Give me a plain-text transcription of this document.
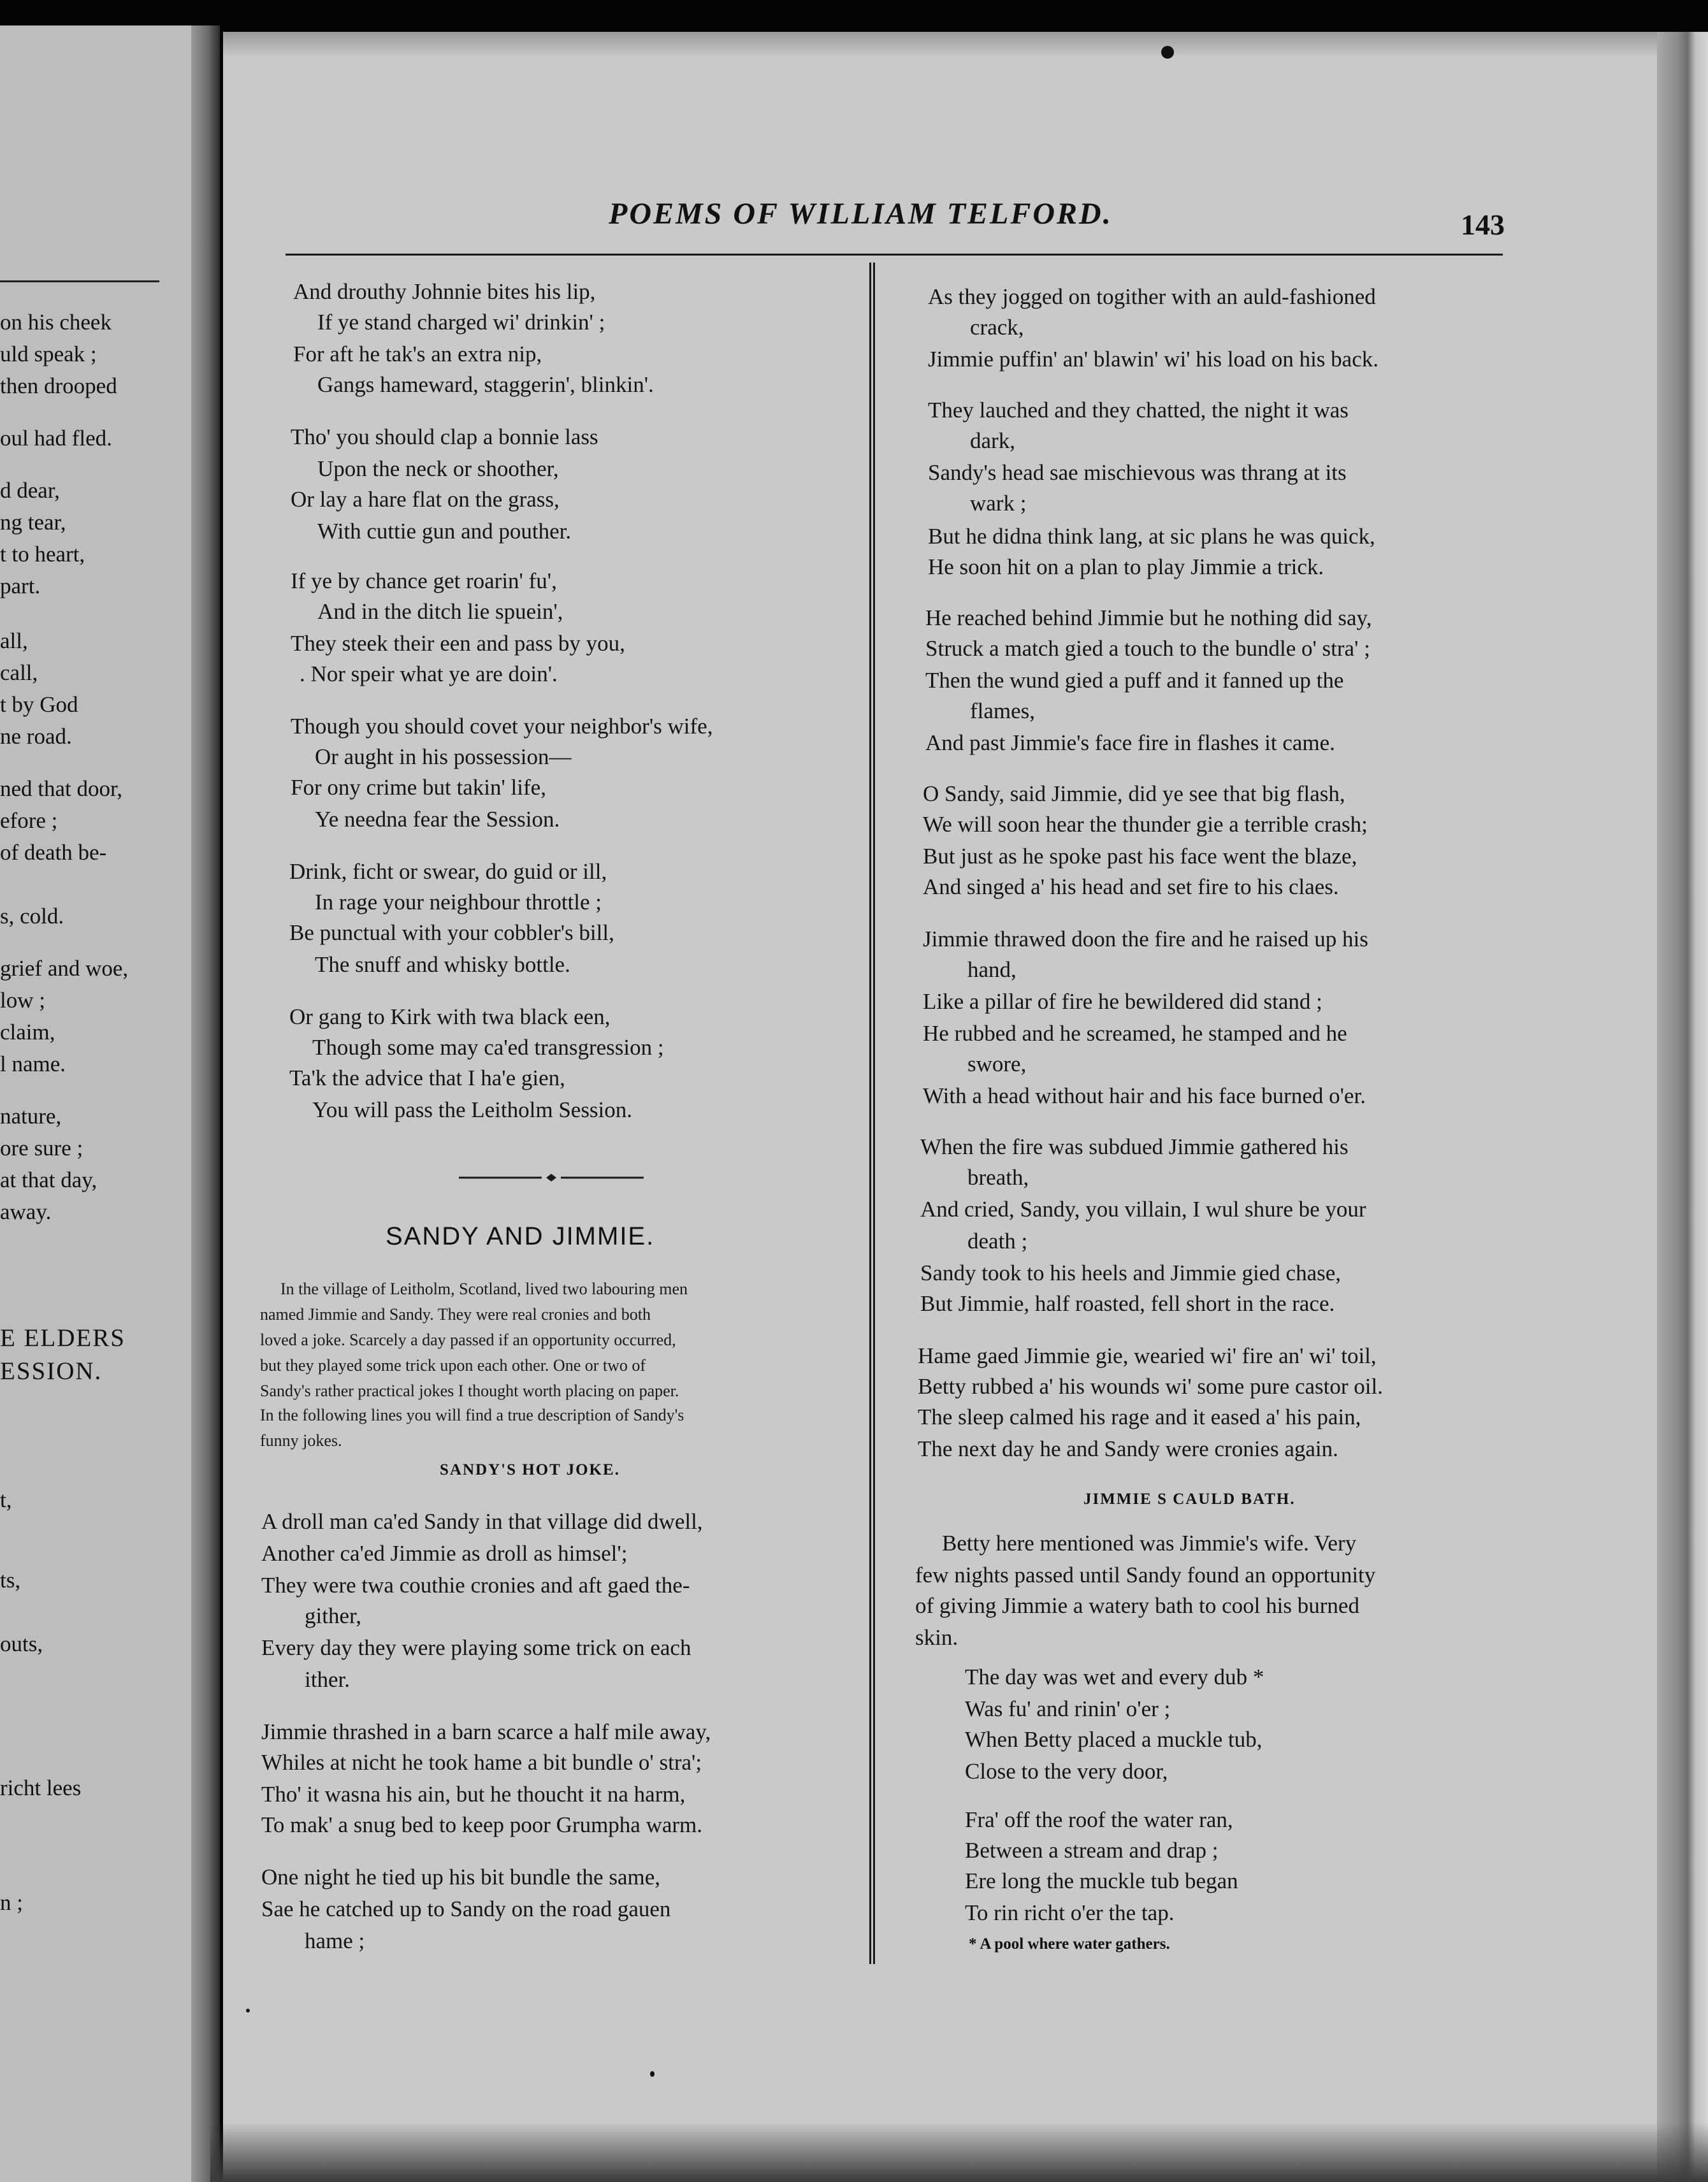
on his cheek
uld speak ;
then drooped
oul had fled.
d dear,
ng tear,
t to heart,
part.
all,
call,
t by God
ne road.
ned that door,
efore ;
of death be-
s, cold.
grief and woe,
low ;
claim,
l name.
nature,
ore sure ;
at that day,
away.
E ELDERS
ESSION.
t,
ts,
outs,
richt lees
n ;
POEMS OF WILLIAM TELFORD.	143
And drouthy Johnnie bites his lip,
If ye stand charged wi' drinkin' ;
For aft he tak's an extra nip,
Gangs hameward, staggerin', blinkin'.
Tho' you should clap a bonnie lass
Upon the neck or shoother,
Or lay a hare flat on the grass,
With cuttie gun and pouther.
If ye by chance get roarin' fu',
And in the ditch lie spuein',
They steek their een and pass by you,
. Nor speir what ye are doin'.
Though you should covet your neighbor's wife,
Or aught in his possession—
For ony crime but takin' life,
Ye needna fear the Session.
Drink, ficht or swear, do guid or ill,
In rage your neighbour throttle ;
Be punctual with your cobbler's bill,
The snuff and whisky bottle.
Or gang to Kirk with twa black een,
Though some may ca'ed transgression ;
Ta'k the advice that I ha'e gien,
You will pass the Leitholm Session.
SANDY AND JIMMIE.
In the village of Leitholm, Scotland, lived two labouring men
named Jimmie and Sandy. They were real cronies and both
loved a joke. Scarcely a day passed if an opportunity occurred,
but they played some trick upon each other. One or two of
Sandy's rather practical jokes I thought worth placing on paper.
In the following lines you will find a true description of Sandy's
funny jokes.
SANDY'S HOT JOKE.
A droll man ca'ed Sandy in that village did dwell,
Another ca'ed Jimmie as droll as himsel';
They were twa couthie cronies and aft gaed the-
gither,
Every day they were playing some trick on each
ither.
Jimmie thrashed in a barn scarce a half mile away,
Whiles at nicht he took hame a bit bundle o' stra';
Tho' it wasna his ain, but he thoucht it na harm,
To mak' a snug bed to keep poor Grumpha warm.
One night he tied up his bit bundle the same,
Sae he catched up to Sandy on the road gauen
hame ;
As they jogged on togither with an auld-fashioned
crack,
Jimmie puffin' an' blawin' wi' his load on his back.
They lauched and they chatted, the night it was
dark,
Sandy's head sae mischievous was thrang at its
wark ;
But he didna think lang, at sic plans he was quick,
He soon hit on a plan to play Jimmie a trick.
He reached behind Jimmie but he nothing did say,
Struck a match gied a touch to the bundle o' stra' ;
Then the wund gied a puff and it fanned up the
flames,
And past Jimmie's face fire in flashes it came.
O Sandy, said Jimmie, did ye see that big flash,
We will soon hear the thunder gie a terrible crash;
But just as he spoke past his face went the blaze,
And singed a' his head and set fire to his claes.
Jimmie thrawed doon the fire and he raised up his
hand,
Like a pillar of fire he bewildered did stand ;
He rubbed and he screamed, he stamped and he
swore,
With a head without hair and his face burned o'er.
When the fire was subdued Jimmie gathered his
breath,
And cried, Sandy, you villain, I wul shure be your
death ;
Sandy took to his heels and Jimmie gied chase,
But Jimmie, half roasted, fell short in the race.
Hame gaed Jimmie gie, wearied wi' fire an' wi' toil,
Betty rubbed a' his wounds wi' some pure castor oil.
The sleep calmed his rage and it eased a' his pain,
The next day he and Sandy were cronies again.
JIMMIE S CAULD BATH.
Betty here mentioned was Jimmie's wife. Very
few nights passed until Sandy found an opportunity
of giving Jimmie a watery bath to cool his burned
skin.
The day was wet and every dub *
Was fu' and rinin' o'er ;
When Betty placed a muckle tub,
Close to the very door,
Fra' off the roof the water ran,
Between a stream and drap ;
Ere long the muckle tub began
To rin richt o'er the tap.
* A pool where water gathers.
